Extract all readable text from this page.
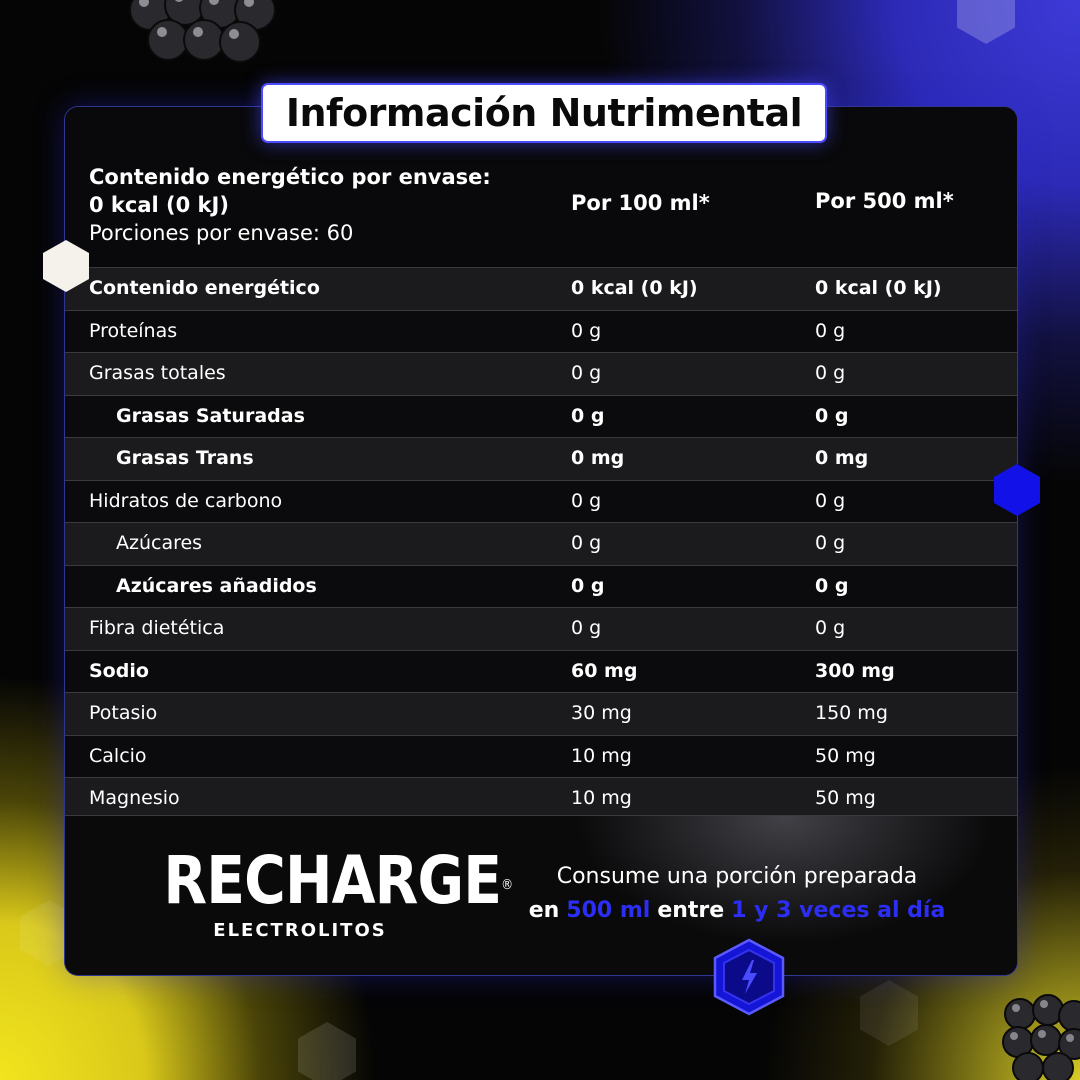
Contenido energético por envase:
0 kcal (0 kJ)
Porciones por envase: 60
Por 100 ml*	Por 500 ml*
Contenido energético	0 kcal (0 kJ)	0 kcal (0 kJ)
Proteínas	0 g	0 g
Grasas totales	0 g	0 g
Grasas Saturadas	0 g	0 g
Grasas Trans	0 mg	0 mg
Hidratos de carbono	0 g	0 g
Azúcares	0 g	0 g
Azúcares añadidos	0 g	0 g
Fibra dietética	0 g	0 g
Sodio	60 mg	300 mg
Potasio	30 mg	150 mg
Calcio	10 mg	50 mg
Magnesio	10 mg	50 mg
RECHARGE®
ELECTROLITOS
Consume una porción preparada
en 500 ml entre 1 y 3 veces al día
Información Nutrimental
